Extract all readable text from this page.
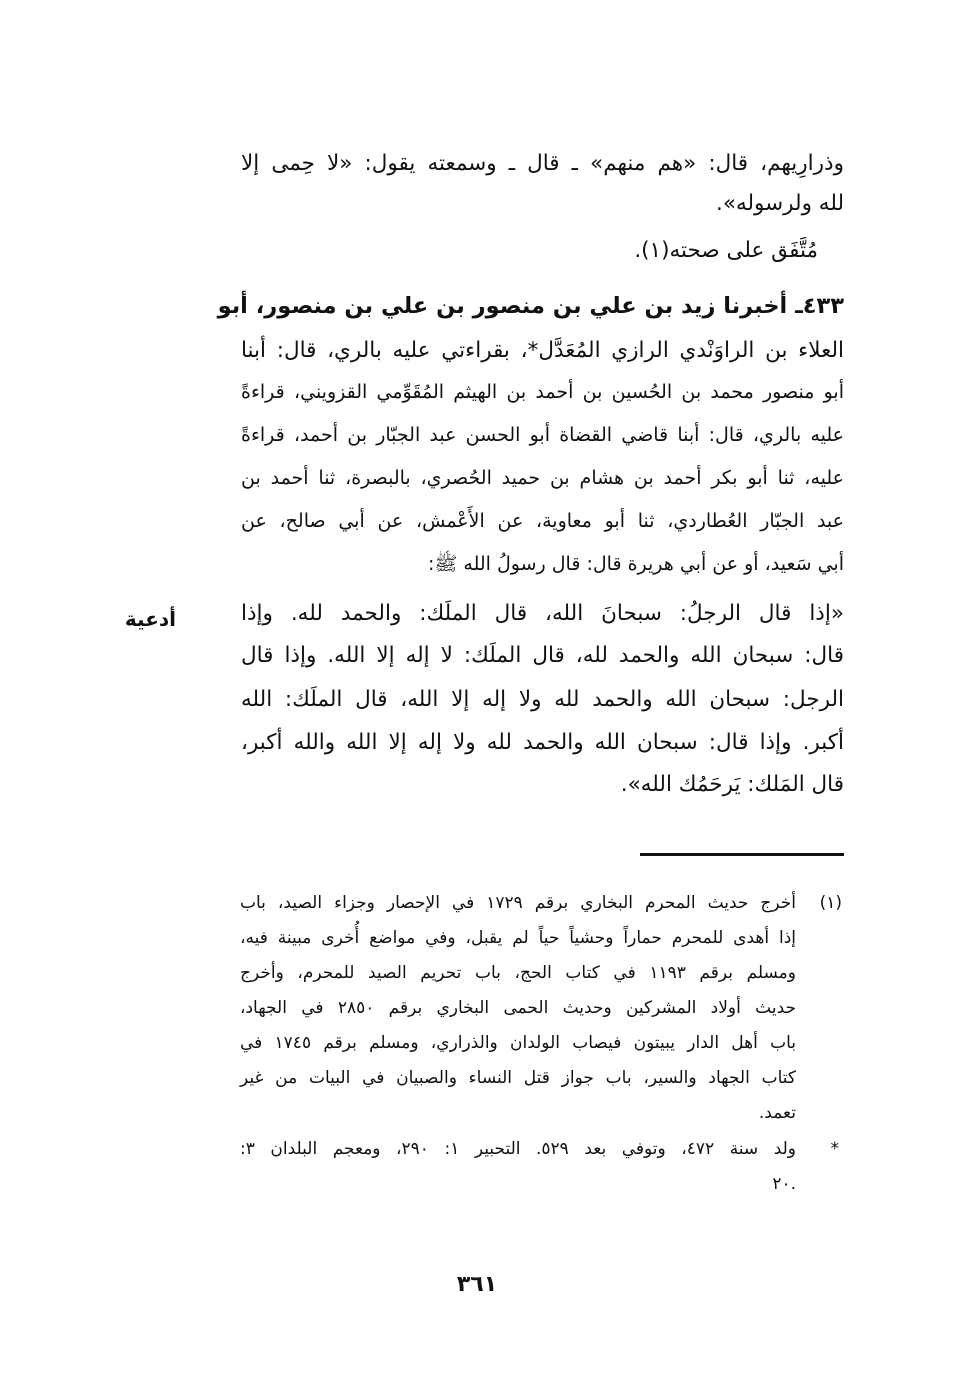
وذرارِيهم، قال: «هم منهم» ـ قال ـ وسمعته يقول: «لا حِمى إلا
لله ولرسوله».
مُتَّفَق على صحته(١).
٤٣٣ـ أخبرنا زيد بن علي بن منصور بن علي بن منصور، أبو
العلاء بن الراوَنْدي الرازي المُعَدَّل*، بقراءتي عليه بالري، قال: أبنا
أبو منصور محمد بن الحُسين بن أحمد بن الهيثم المُقَوِّمي القزويني، قراءةً
عليه بالري، قال: أبنا قاضي القضاة أبو الحسن عبد الجبّار بن أحمد، قراءةً
عليه، ثنا أبو بكر أحمد بن هشام بن حميد الحُصري، بالبصرة، ثنا أحمد بن
عبد الجبّار العُطاردي، ثنا أبو معاوية، عن الأَعْمش، عن أبي صالح، عن
أبي سَعيد، أو عن أبي هريرة قال: قال رسولُ الله ﷺ:
أدعية	«إذا قال الرجلُ: سبحانَ الله، قال الملَك: والحمد لله. وإذا
قال: سبحان الله والحمد لله، قال الملَك: لا إله إلا الله. وإذا قال
الرجل: سبحان الله والحمد لله ولا إله إلا الله، قال الملَك: الله
أكبر. وإذا قال: سبحان الله والحمد لله ولا إله إلا الله والله أكبر،
قال المَلك: يَرحَمُك الله».
(١)
أخرج حديث المحرم البخاري برقم ١٧٢٩ في الإحصار وجزاء الصيد، باب
إذا أهدى للمحرم حماراً وحشياً حياً لم يقبل، وفي مواضع أُخرى مبينة فيه،
ومسلم برقم ١١٩٣ في كتاب الحج، باب تحريم الصيد للمحرم، وأخرج
حديث أولاد المشركين وحديث الحمى البخاري برقم ٢٨٥٠ في الجهاد،
باب أهل الدار يبيتون فيصاب الولدان والذراري، ومسلم برقم ١٧٤٥ في
كتاب الجهاد والسير، باب جواز قتل النساء والصبيان في البيات من غير
تعمد.
*
ولد سنة ٤٧٢، وتوفي بعد ٥٢٩. التحبير ١: ٢٩٠، ومعجم البلدان ٣:
٢٠.
٣٦١
